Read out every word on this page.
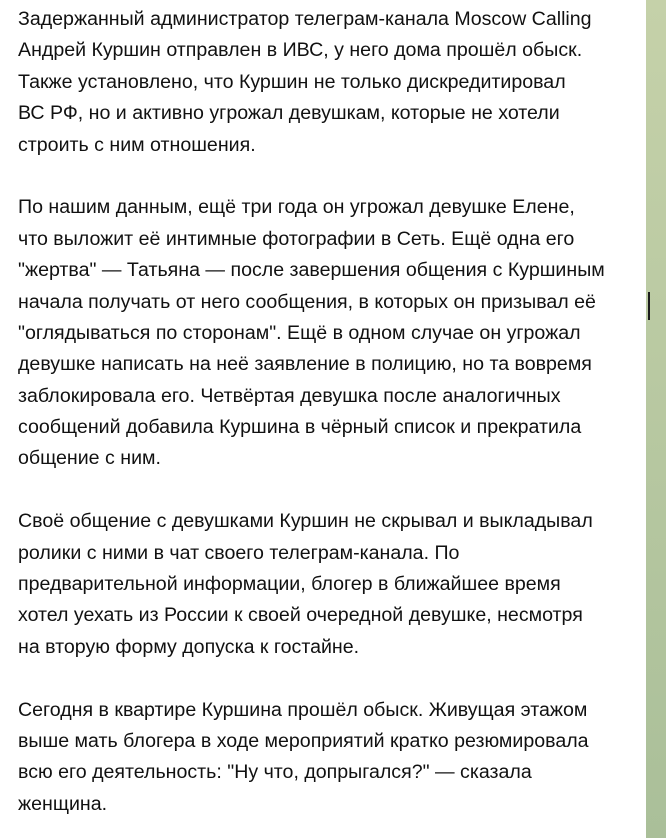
Задержанный администратор телеграм-канала Moscow Calling
Андрей Куршин отправлен в ИВС, у него дома прошёл обыск.
Также установлено, что Куршин не только дискредитировал
ВС РФ, но и активно угрожал девушкам, которые не хотели
строить с ним отношения.
По нашим данным, ещё три года он угрожал девушке Елене,
что выложит её интимные фотографии в Сеть. Ещё одна его
"жертва" — Татьяна — после завершения общения с Куршиным
начала получать от него сообщения, в которых он призывал её
"оглядываться по сторонам". Ещё в одном случае он угрожал
девушке написать на неё заявление в полицию, но та вовремя
заблокировала его. Четвёртая девушка после аналогичных
сообщений добавила Куршина в чёрный список и прекратила
общение с ним.
Своё общение с девушками Куршин не скрывал и выкладывал
ролики с ними в чат своего телеграм-канала. По
предварительной информации, блогер в ближайшее время
хотел уехать из России к своей очередной девушке, несмотря
на вторую форму допуска к гостайне.
Сегодня в квартире Куршина прошёл обыск. Живущая этажом
выше мать блогера в ходе мероприятий кратко резюмировала
всю его деятельность: "Ну что, допрыгался?" — сказала
женщина.
